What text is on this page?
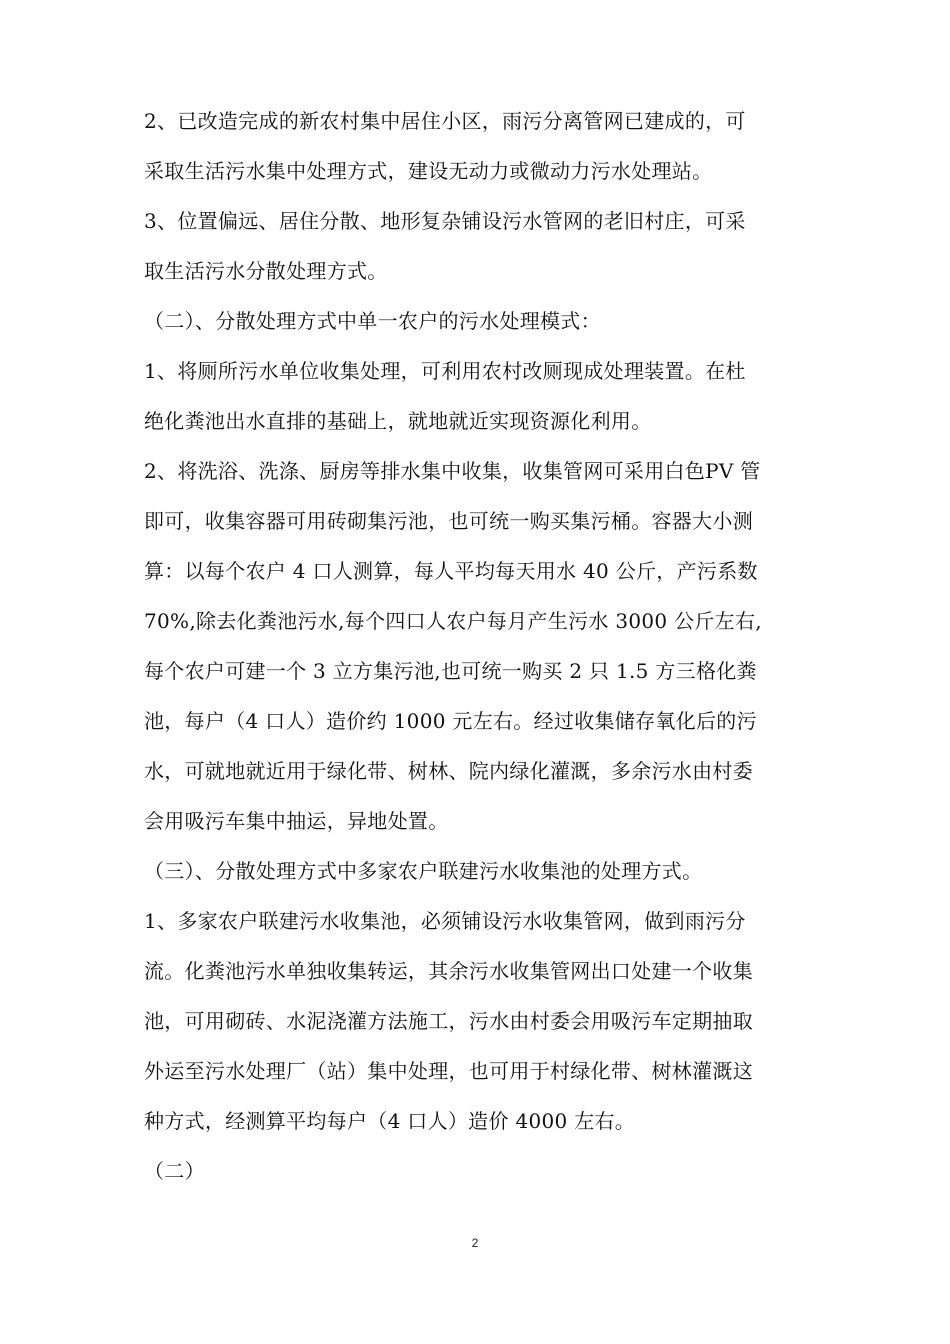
2、已改造完成的新农村集中居住小区，雨污分离管网已建成的，可
采取生活污水集中处理方式，建设无动力或微动力污水处理站。
3、位置偏远、居住分散、地形复杂铺设污水管网的老旧村庄，可采
取生活污水分散处理方式。
（二）、分散处理方式中单一农户的污水处理模式：
1、将厕所污水单位收集处理，可利用农村改厕现成处理装置。在杜
绝化粪池出水直排的基础上，就地就近实现资源化利用。
2、将洗浴、洗涤、厨房等排水集中收集，收集管网可采用白色PV 管
即可，收集容器可用砖砌集污池，也可统一购买集污桶。容器大小测
算：以每个农户 4 口人测算，每人平均每天用水 40 公斤，产污系数
70%,除去化粪池污水,每个四口人农户每月产生污水 3000 公斤左右,
每个农户可建一个 3 立方集污池,也可统一购买 2 只 1.5 方三格化粪
池，每户（4 口人）造价约 1000 元左右。经过收集储存氧化后的污
水，可就地就近用于绿化带、树林、院内绿化灌溉，多余污水由村委
会用吸污车集中抽运，异地处置。
（三）、分散处理方式中多家农户联建污水收集池的处理方式。
1、多家农户联建污水收集池，必须铺设污水收集管网，做到雨污分
流。化粪池污水单独收集转运，其余污水收集管网出口处建一个收集
池，可用砌砖、水泥浇灌方法施工，污水由村委会用吸污车定期抽取
外运至污水处理厂（站）集中处理，也可用于村绿化带、树林灌溉这
种方式，经测算平均每户（4 口人）造价 4000 左右。
（二）
2
